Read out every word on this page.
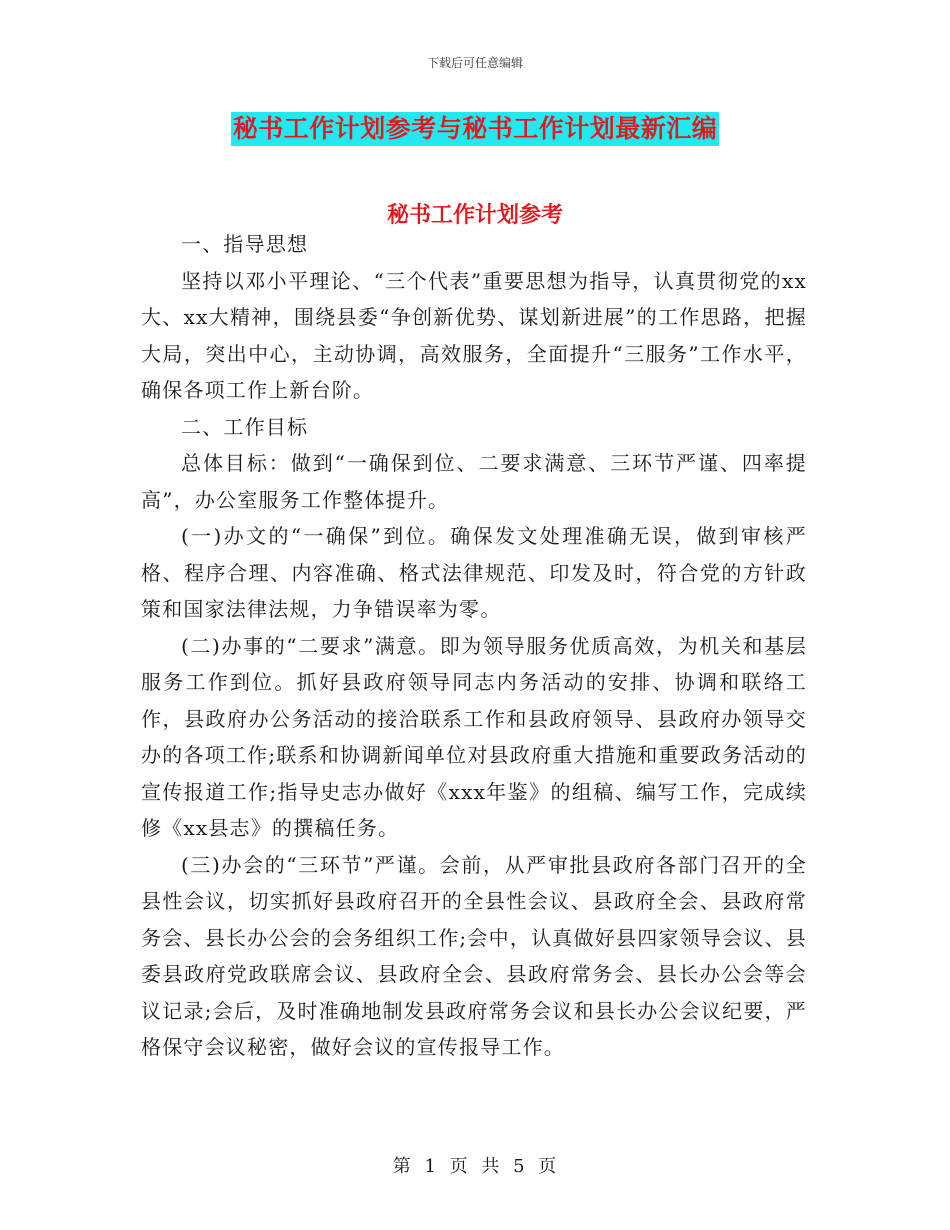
下载后可任意编辑
秘书工作计划参考与秘书工作计划最新汇编
秘书工作计划参考

一、指导思想

坚持以邓小平理论、“三个代表”重要思想为指导，认真贯彻党的xx大、xx大精神，围绕县委“争创新优势、谋划新进展”的工作思路，把握大局，突出中心，主动协调，高效服务，全面提升“三服务”工作水平，确保各项工作上新台阶。

二、工作目标

总体目标：做到“一确保到位、二要求满意、三环节严谨、四率提高”，办公室服务工作整体提升。

(一)办文的“一确保”到位。确保发文处理准确无误，做到审核严格、程序合理、内容准确、格式法律规范、印发及时，符合党的方针政策和国家法律法规，力争错误率为零。

(二)办事的“二要求”满意。即为领导服务优质高效，为机关和基层服务工作到位。抓好县政府领导同志内务活动的安排、协调和联络工作，县政府办公务活动的接洽联系工作和县政府领导、县政府办领导交办的各项工作;联系和协调新闻单位对县政府重大措施和重要政务活动的宣传报道工作;指导史志办做好《xxx年鉴》的组稿、编写工作，完成续修《xx县志》的撰稿任务。

(三)办会的“三环节”严谨。会前，从严审批县政府各部门召开的全县性会议，切实抓好县政府召开的全县性会议、县政府全会、县政府常务会、县长办公会的会务组织工作;会中，认真做好县四家领导会议、县委县政府党政联席会议、县政府全会、县政府常务会、县长办公会等会议记录;会后，及时准确地制发县政府常务会议和县长办公会议纪要，严格保守会议秘密，做好会议的宣传报导工作。

第 1 页 共 5 页
